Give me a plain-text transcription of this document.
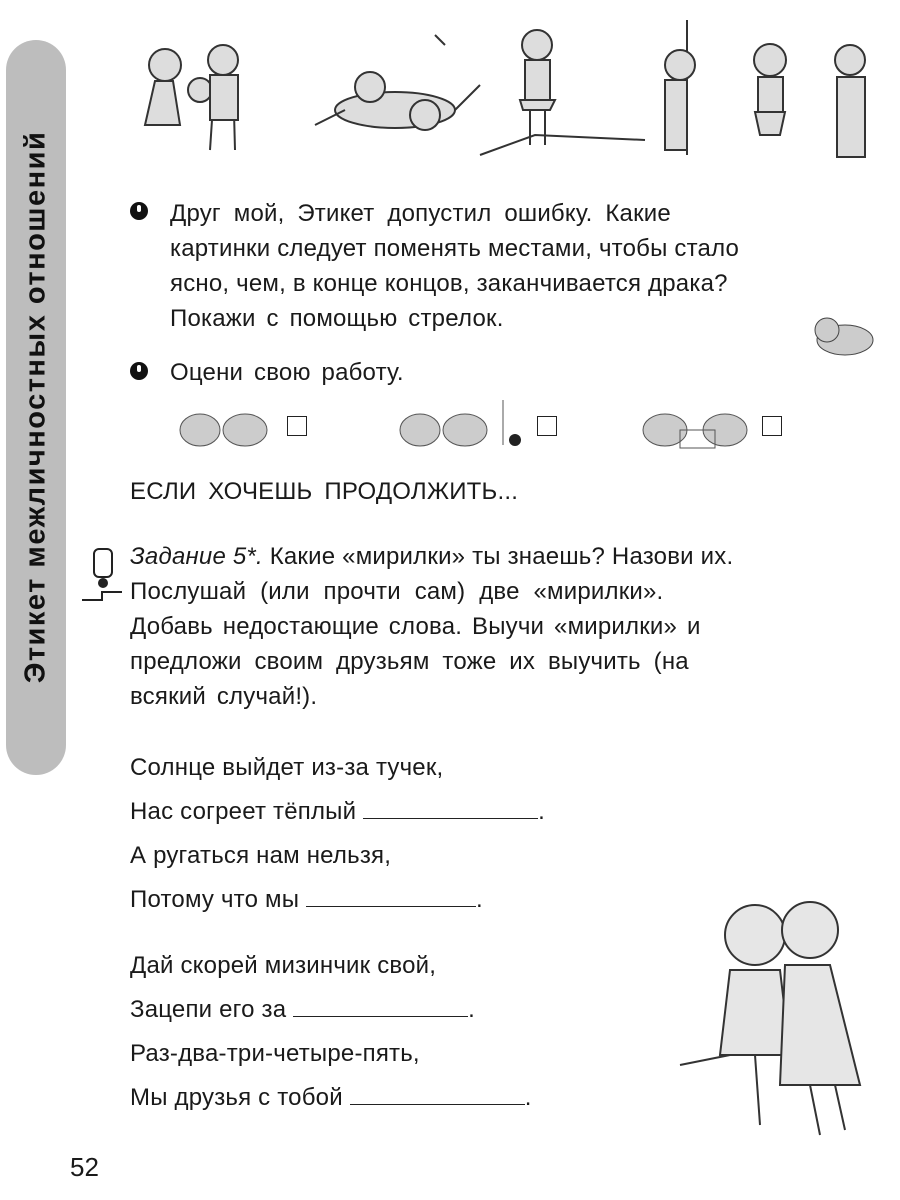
Этикет межличностных отношений	Друг мой, Этикет допустил ошибку. Какие
картинки следует поменять местами, чтобы стало
ясно, чем, в конце концов, заканчивается драка?
Покажи с помощью стрелок.
Оцени свою работу.
ЕСЛИ ХОЧЕШЬ ПРОДОЛЖИТЬ...
Задание 5*. Какие «мирилки» ты знаешь? Назови их.
Послушай (или прочти сам) две «мирилки».
Добавь недостающие слова. Выучи «мирилки» и
предложи своим друзьям тоже их выучить (на
всякий случай!).
Солнце выйдет из-за тучек,
Нас согреет тёплый	.
А ругаться нам нельзя,
Потому что мы	.
Дай скорей мизинчик свой,
Зацепи его за	.
Раз-два-три-четыре-пять,
Мы друзья с тобой	.
52
